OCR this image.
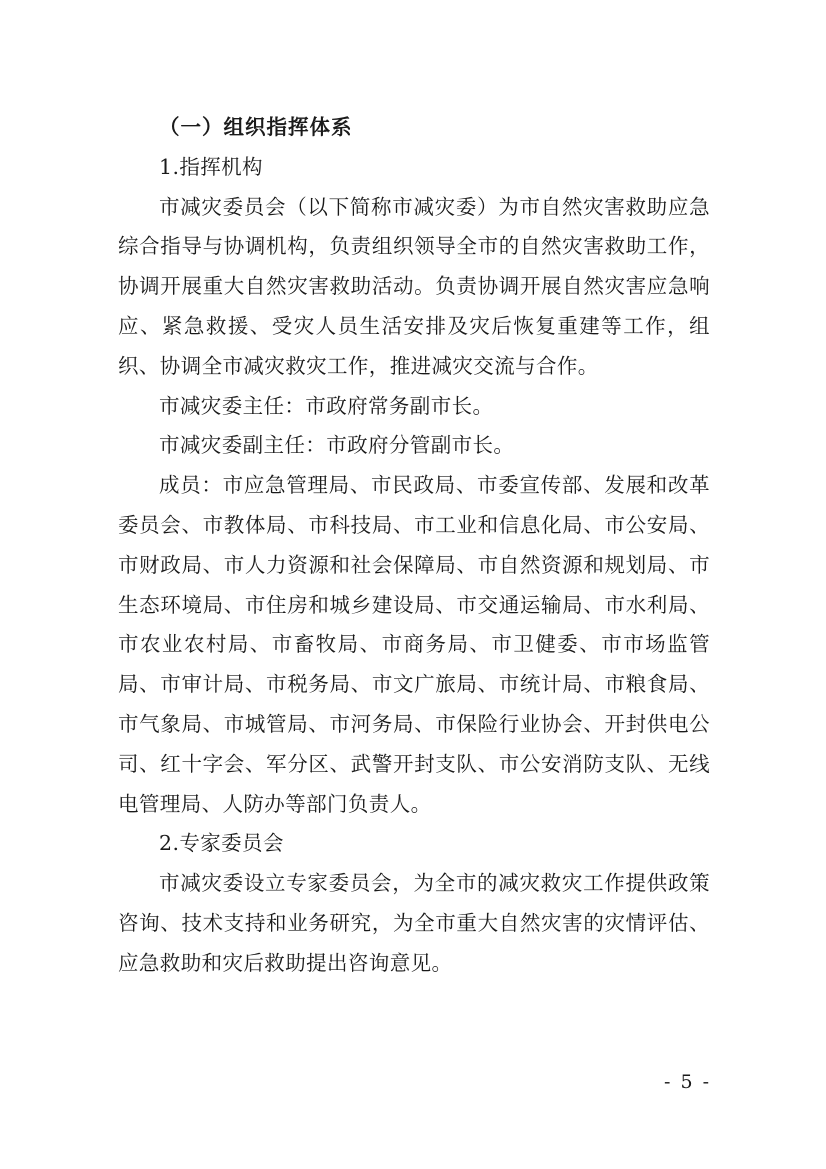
（一）组织指挥体系

1.指挥机构

市减灾委员会（以下简称市减灾委）为市自然灾害救助应急综合指导与协调机构，负责组织领导全市的自然灾害救助工作，协调开展重大自然灾害救助活动。负责协调开展自然灾害应急响应、紧急救援、受灾人员生活安排及灾后恢复重建等工作，组织、协调全市减灾救灾工作，推进减灾交流与合作。

市减灾委主任：市政府常务副市长。

市减灾委副主任：市政府分管副市长。

成员：市应急管理局、市民政局、市委宣传部、发展和改革委员会、市教体局、市科技局、市工业和信息化局、市公安局、市财政局、市人力资源和社会保障局、市自然资源和规划局、市生态环境局、市住房和城乡建设局、市交通运输局、市水利局、市农业农村局、市畜牧局、市商务局、市卫健委、市市场监管局、市审计局、市税务局、市文广旅局、市统计局、市粮食局、市气象局、市城管局、市河务局、市保险行业协会、开封供电公司、红十字会、军分区、武警开封支队、市公安消防支队、无线电管理局、人防办等部门负责人。

2.专家委员会

市减灾委设立专家委员会，为全市的减灾救灾工作提供政策咨询、技术支持和业务研究，为全市重大自然灾害的灾情评估、应急救助和灾后救助提出咨询意见。

- 5 -
